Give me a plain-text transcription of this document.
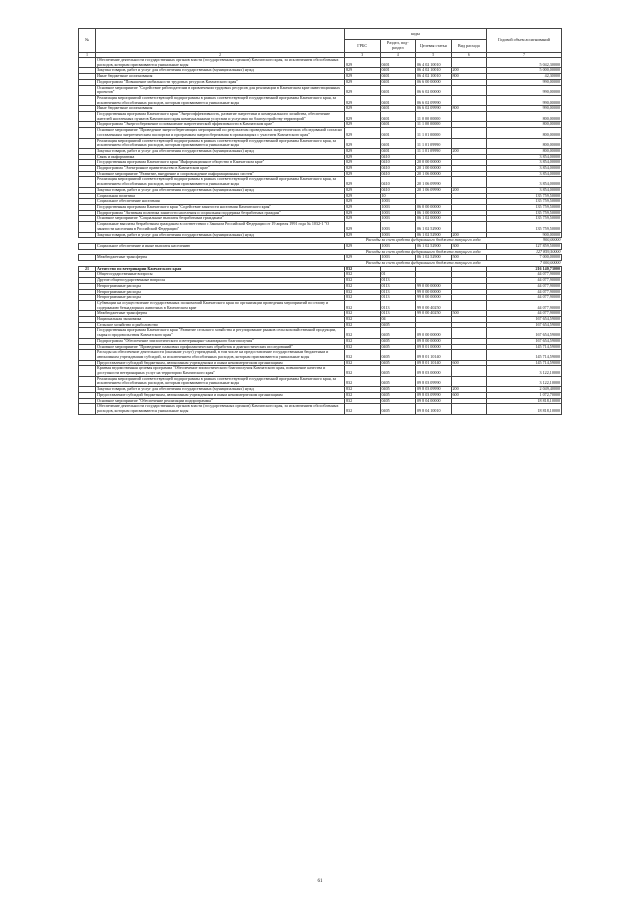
№		коды				Годовой объем ассигнований
		ГРБС	Раздел, под-раздел	Целевая статья	Вид расхода	
1	2	3	4	5	6	7
	Обеспечение деятельности государственных органов власти (государственных органов) Камчатского края, за исключением обособленных расходов, которым присваиваются уникальные коды	829	0401	06 4 02 10010		5 042,30000
	Закупка товаров, работ и услуг для обеспечения государственных (муниципальных) нужд	829	0401	06 4 02 10010	200	5 000,00000
	Иные бюджетные ассигнования	829	0401	06 4 02 10010	800	42,30000
	Подпрограмма "Повышение мобильности трудовых ресурсов Камчатского края"	829	0401	06 6 00 00000		990,00000
	Основное мероприятие "Содействие работодателям в привлечении трудовых ресурсов для реализации в Камчатском крае инвестиционных проектов"	829	0401	06 6 02 00000		990,00000
	Реализация мероприятий соответствующей подпрограммы в рамках соответствующей государственной программы Камчатского края, за исключением обособленных расходов, которым присваиваются уникальные коды	829	0401	06 6 02 09990		990,00000
	Иные бюджетные ассигнования	829	0401	06 6 02 09990	800	990,00000
	Государственная программа Камчатского края "Энергоэффективность, развитие энергетики и коммунального хозяйства, обеспечение жителей населенных пунктов Камчатского края коммунальными услугами и услугами по благоустройству территорий"	829	0401	11 0 00 00000		800,00000
	Подпрограмма "Энергосбережение и повышение энергетической эффективности в Камчатском крае"	829	0401	11 1 00 00000		800,00000
	Основное мероприятие "Проведение энергосберегающих мероприятий по результатам проведенных энергетических обследований согласно составленным энергетическим паспортам и программам энергосбережения в организациях с участием Камчатского края"	829	0401	11 1 01 00000		800,00000
	Реализация мероприятий соответствующей подпрограммы в рамках соответствующей государственной программы Камчатского края, за исключением обособленных расходов, которым присваиваются уникальные коды	829	0401	11 1 01 09990		800,00000
	Закупка товаров, работ и услуг для обеспечения государственных (муниципальных) нужд	829	0401	11 1 01 09990	200	800,00000
	Связь и информатика	829	0410			3 854,00000
	Государственная программа Камчатского края "Информационное общество в Камчатском крае"	829	0410	20 0 00 00000		3 854,00000
	Подпрограмма "Электронное правительство в Камчатском крае"	829	0410	20 1 00 00000		3 854,00000
	Основное мероприятие "Развитие, внедрение и сопровождение информационных систем"	829	0410	20 1 06 00000		3 854,00000
	Реализация мероприятий соответствующей подпрограммы в рамках соответствующей государственной программы Камчатского края, за исключением обособленных расходов, которым присваиваются уникальные коды	829	0410	20 1 06 09990		3 854,00000
	Закупка товаров, работ и услуг для обеспечения государственных (муниципальных) нужд	829	0410	20 1 06 09990	200	3 854,00000
	Социальная политика	829	10			135 759,50000
	Социальное обеспечение населения	829	1003			135 759,50000
	Государственная программа Камчатского края "Содействие занятости населения Камчатского края"	829	1003	06 0 00 00000		135 759,50000
	Подпрограмма "Активная политика занятости населения и социальная поддержка безработных граждан"	829	1003	06 1 00 00000		135 759,50000
	Основное мероприятие "Социальные выплаты безработным гражданам"	829	1003	06 1 02 00000		135 759,50000
	Социальные выплаты безработным гражданам в соответствии с Законом Российской Федерации от 19 апреля 1991 года № 1032-1 "О занятости населения в Российской Федерации"	829	1003	06 1 02 52900		135 759,50000
	Закупка товаров, работ и услуг для обеспечения государственных (муниципальных) нужд	829	1003	06 1 02 52900	200	900,00000
Расходы за счет средств федерального бюджета текущего года						900,00000
	Социальное обеспечение и иные выплаты населению	829	1003	06 1 02 52900	300	127 859,50000
Расходы за счет средств федерального бюджета текущего года						127 859,50000
	Межбюджетные трансферты	829	1003	06 1 02 52900	500	7 000,00000
Расходы за счет средств федерального бюджета текущего года						7 000,00000
21	Агентство по ветеринарии Камчатского края	832				216 140,73000
	Общегосударственные вопросы	832	01			44 077,90000
	Другие общегосударственные вопросы	832	0113			44 077,90000
	Непрограммные расходы	832	0113	99 0 00 00000		44 077,90000
	Непрограммные расходы	832	0113	99 0 00 00000		44 077,90000
	Непрограммные расходы	832	0113	99 0 00 00000		44 077,90000
	Субвенции на осуществление государственных полномочий Камчатского края по организации проведения мероприятий по отлову и содержанию безнадзорных животных в Камчатском крае	832	0113	99 0 00 40250		44 077,90000
	Межбюджетные трансферты	832	0113	99 0 00 40250	500	44 077,90000
	Национальная экономика	832	04			167 654,59000
	Сельское хозяйство и рыболовство	832	0405			167 654,59000
	Государственная программа Камчатского края "Развитие сельского хозяйства и регулирование рынков сельскохозяйственной продукции, сырья и продовольствия Камчатского края"	832	0405	09 0 00 00000		167 654,59000
	Подпрограмма "Обеспечение эпизоотического и ветеринарно-санитарного благополучия"	832	0405	09 8 00 00000		167 654,59000
	Основное мероприятие "Проведение плановых профилактических обработок и диагностических исследований"	832	0405	09 8 01 00000		145 714,59000
	Расходы на обеспечение деятельности (оказание услуг) учреждений, в том числе на предоставление государственным бюджетным и автономным учреждениям субсидий, за исключением обособленных расходов, которым присваиваются уникальные коды	832	0405	09 8 01 10140		145 714,59000
	Предоставление субсидий бюджетным, автономным учреждениям и иным некоммерческим организациям	832	0405	09 8 01 10140	600	145 714,59000
	Краевая ведомственная целевая программа "Обеспечение эпизоотического благополучия Камчатского края, повышение качества и доступности ветеринарных услуг на территории Камчатского края"	832	0405	09 8 03 00000		3 122,10000
	Реализация мероприятий соответствующей подпрограммы в рамках соответствующей государственной программы Камчатского края, за исключением обособленных расходов, которым присваиваются уникальные коды	832	0405	09 8 03 09990		3 122,10000
	Закупка товаров, работ и услуг для обеспечения государственных (муниципальных) нужд	832	0405	09 8 03 09990	200	2 049,40000
	Предоставление субсидий бюджетным, автономным учреждениям и иным некоммерческим организациям	832	0405	09 8 03 09990	600	1 072,70000
	Основное мероприятие "Обеспечение реализации подпрограммы"	832	0405	09 8 04 00000		18 818,10000
	Обеспечение деятельности государственных органов власти (государственных органов) Камчатского края, за исключением обособленных расходов, которым присваиваются уникальные коды	832	0405	09 8 04 10010		18 818,10000
61
